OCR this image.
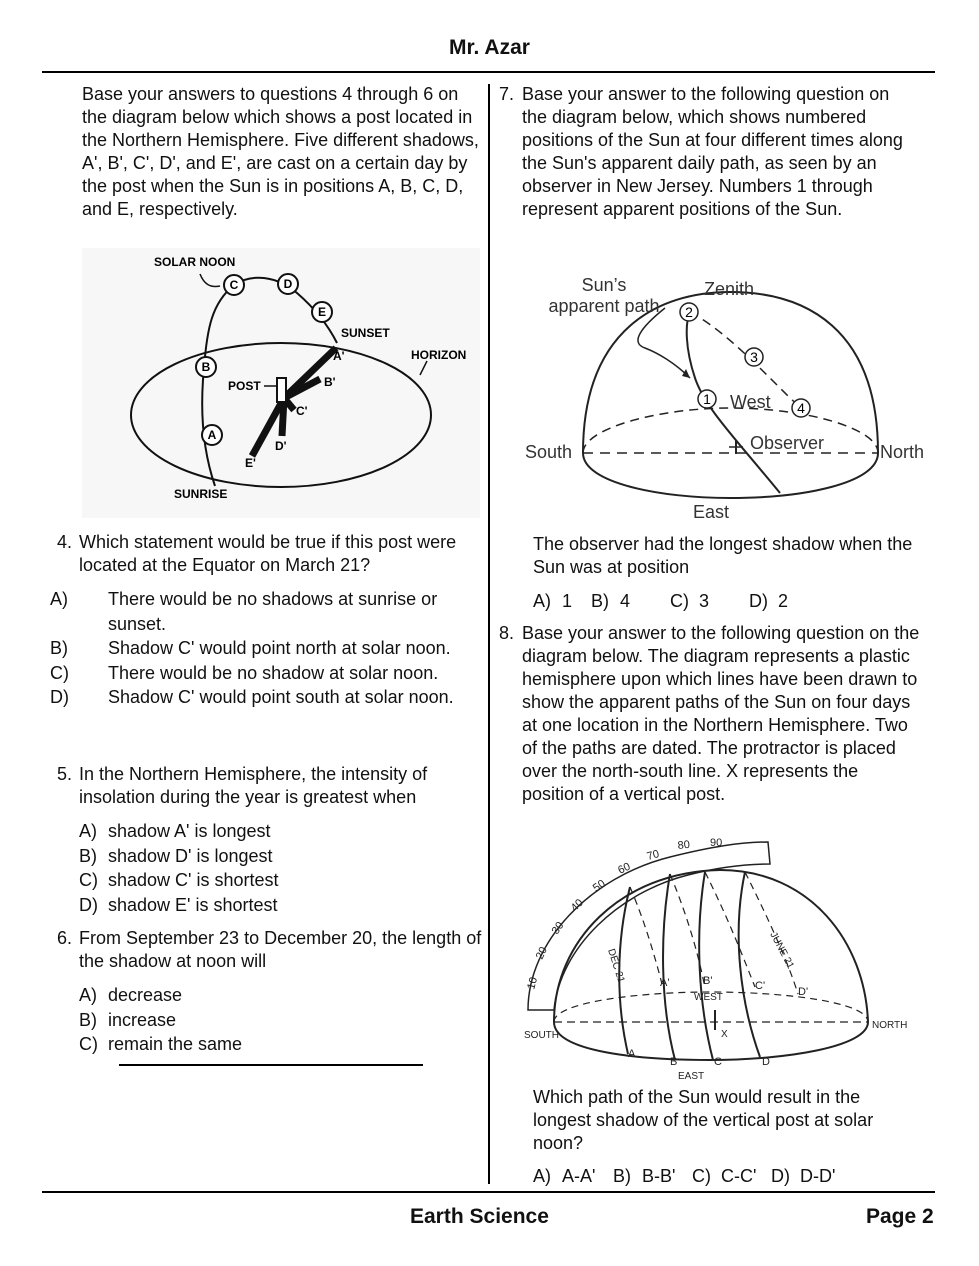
Mr. Azar
Base your answers to questions 4 through 6 on the diagram below which shows a post located in the Northern Hemisphere. Five different shadows, A', B', C', D', and E', are cast on a certain day by the post when the Sun is in positions A, B, C, D, and E, respectively.
A
B
C	D
E
SOLAR NOON
SUNSET
HORIZON
POST
SUNRISE
A'
B'
C'
D'
E'
4. Which statement would be true if this post were located at the Equator on March 21?
A) There would be no shadows at sunrise or sunset.
B) Shadow C' would point north at solar noon.
C) There would be no shadow at solar noon.
D) Shadow C' would point south at solar noon.
5. In the Northern Hemisphere, the intensity of insolation during the year is greatest when
A) shadow A' is longest
B) shadow D' is longest
C) shadow C' is shortest
D) shadow E' is shortest
6. From September 23 to December 20, the length of the shadow at noon will
A) decrease
B) increase
C) remain the same
7. Base your answer to the following question on the diagram below, which shows numbered positions of the Sun at four different times along the Sun's apparent daily path, as seen by an observer in New Jersey. Numbers 1 through represent apparent positions of the Sun.
1
2
3
4
Sun’s
apparent path
Zenith
West
Observer
South	North
East
The observer had the longest shadow when the Sun was at position
A) 1 B) 4 C) 3 D) 2
8. Base your answer to the following question on the diagram below. The diagram represents a plastic hemisphere upon which lines have been drawn to show the apparent paths of the Sun on four days at one location in the Northern Hemisphere. Two of the paths are dated. The protractor is placed over the north-south line. X represents the position of a vertical post.
10
20
30
40
50
60
70
80 90
DEC 21	JUNE 21
SOUTH
NORTH
WEST
EAST
X
A
B	C	D
A'	B'	C'	D'
Which path of the Sun would result in the longest shadow of the vertical post at solar noon?
A) A-A' B) B-B' C) C-C' D) D-D'
Earth Science	Page 2
